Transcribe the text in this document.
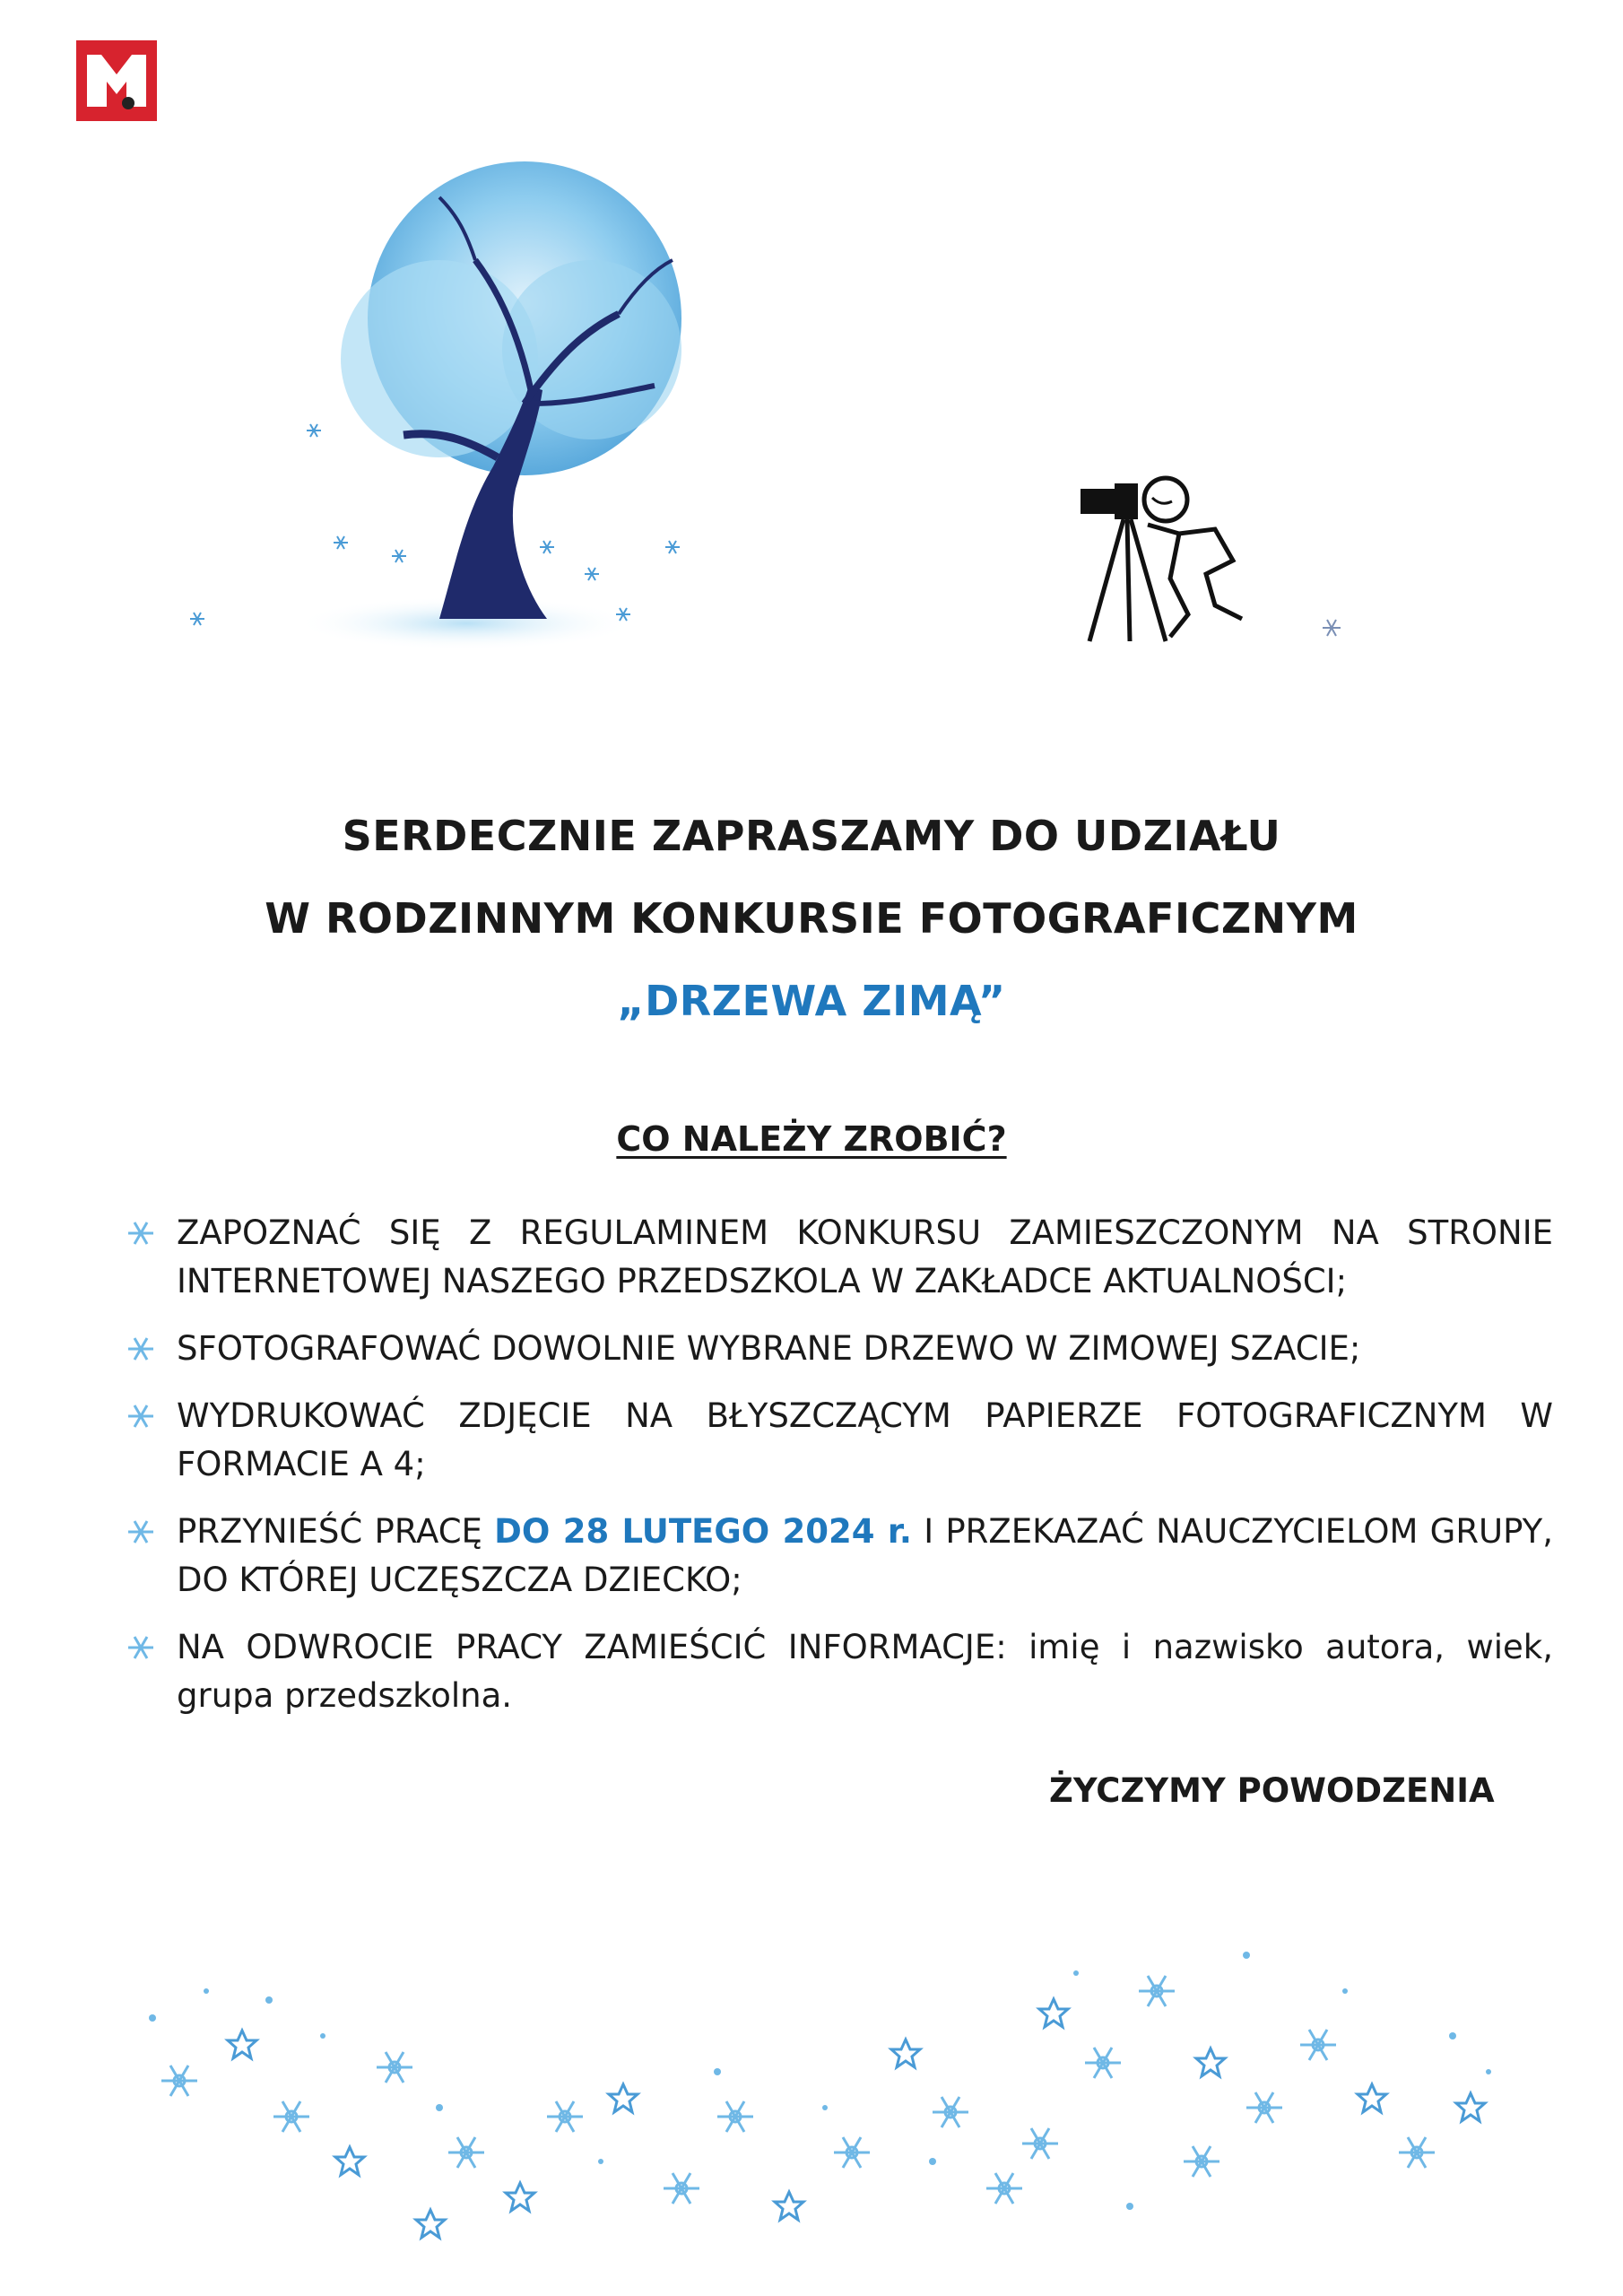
SERDECZNIE ZAPRASZAMY DO UDZIAŁU
W RODZINNYM KONKURSIE FOTOGRAFICZNYM
„DRZEWA ZIMĄ”
CO NALEŻY ZROBIĆ?
ZAPOZNAĆ SIĘ Z REGULAMINEM KONKURSU ZAMIESZCZONYM NA STRONIE INTERNETOWEJ NASZEGO PRZEDSZKOLA W ZAKŁADCE AKTUALNOŚCI;
SFOTOGRAFOWAĆ DOWOLNIE WYBRANE DRZEWO W ZIMOWEJ SZACIE;
WYDRUKOWAĆ ZDJĘCIE NA BŁYSZCZĄCYM PAPIERZE FOTOGRAFICZNYM W FORMACIE A 4;
PRZYNIEŚĆ PRACĘ DO 28 LUTEGO 2024 r. I PRZEKAZAĆ NAUCZYCIELOM GRUPY, DO KTÓREJ UCZĘSZCZA DZIECKO;
NA ODWROCIE PRACY ZAMIEŚCIĆ INFORMACJE: imię i nazwisko autora, wiek, grupa przedszkolna.
ŻYCZYMY POWODZENIA
